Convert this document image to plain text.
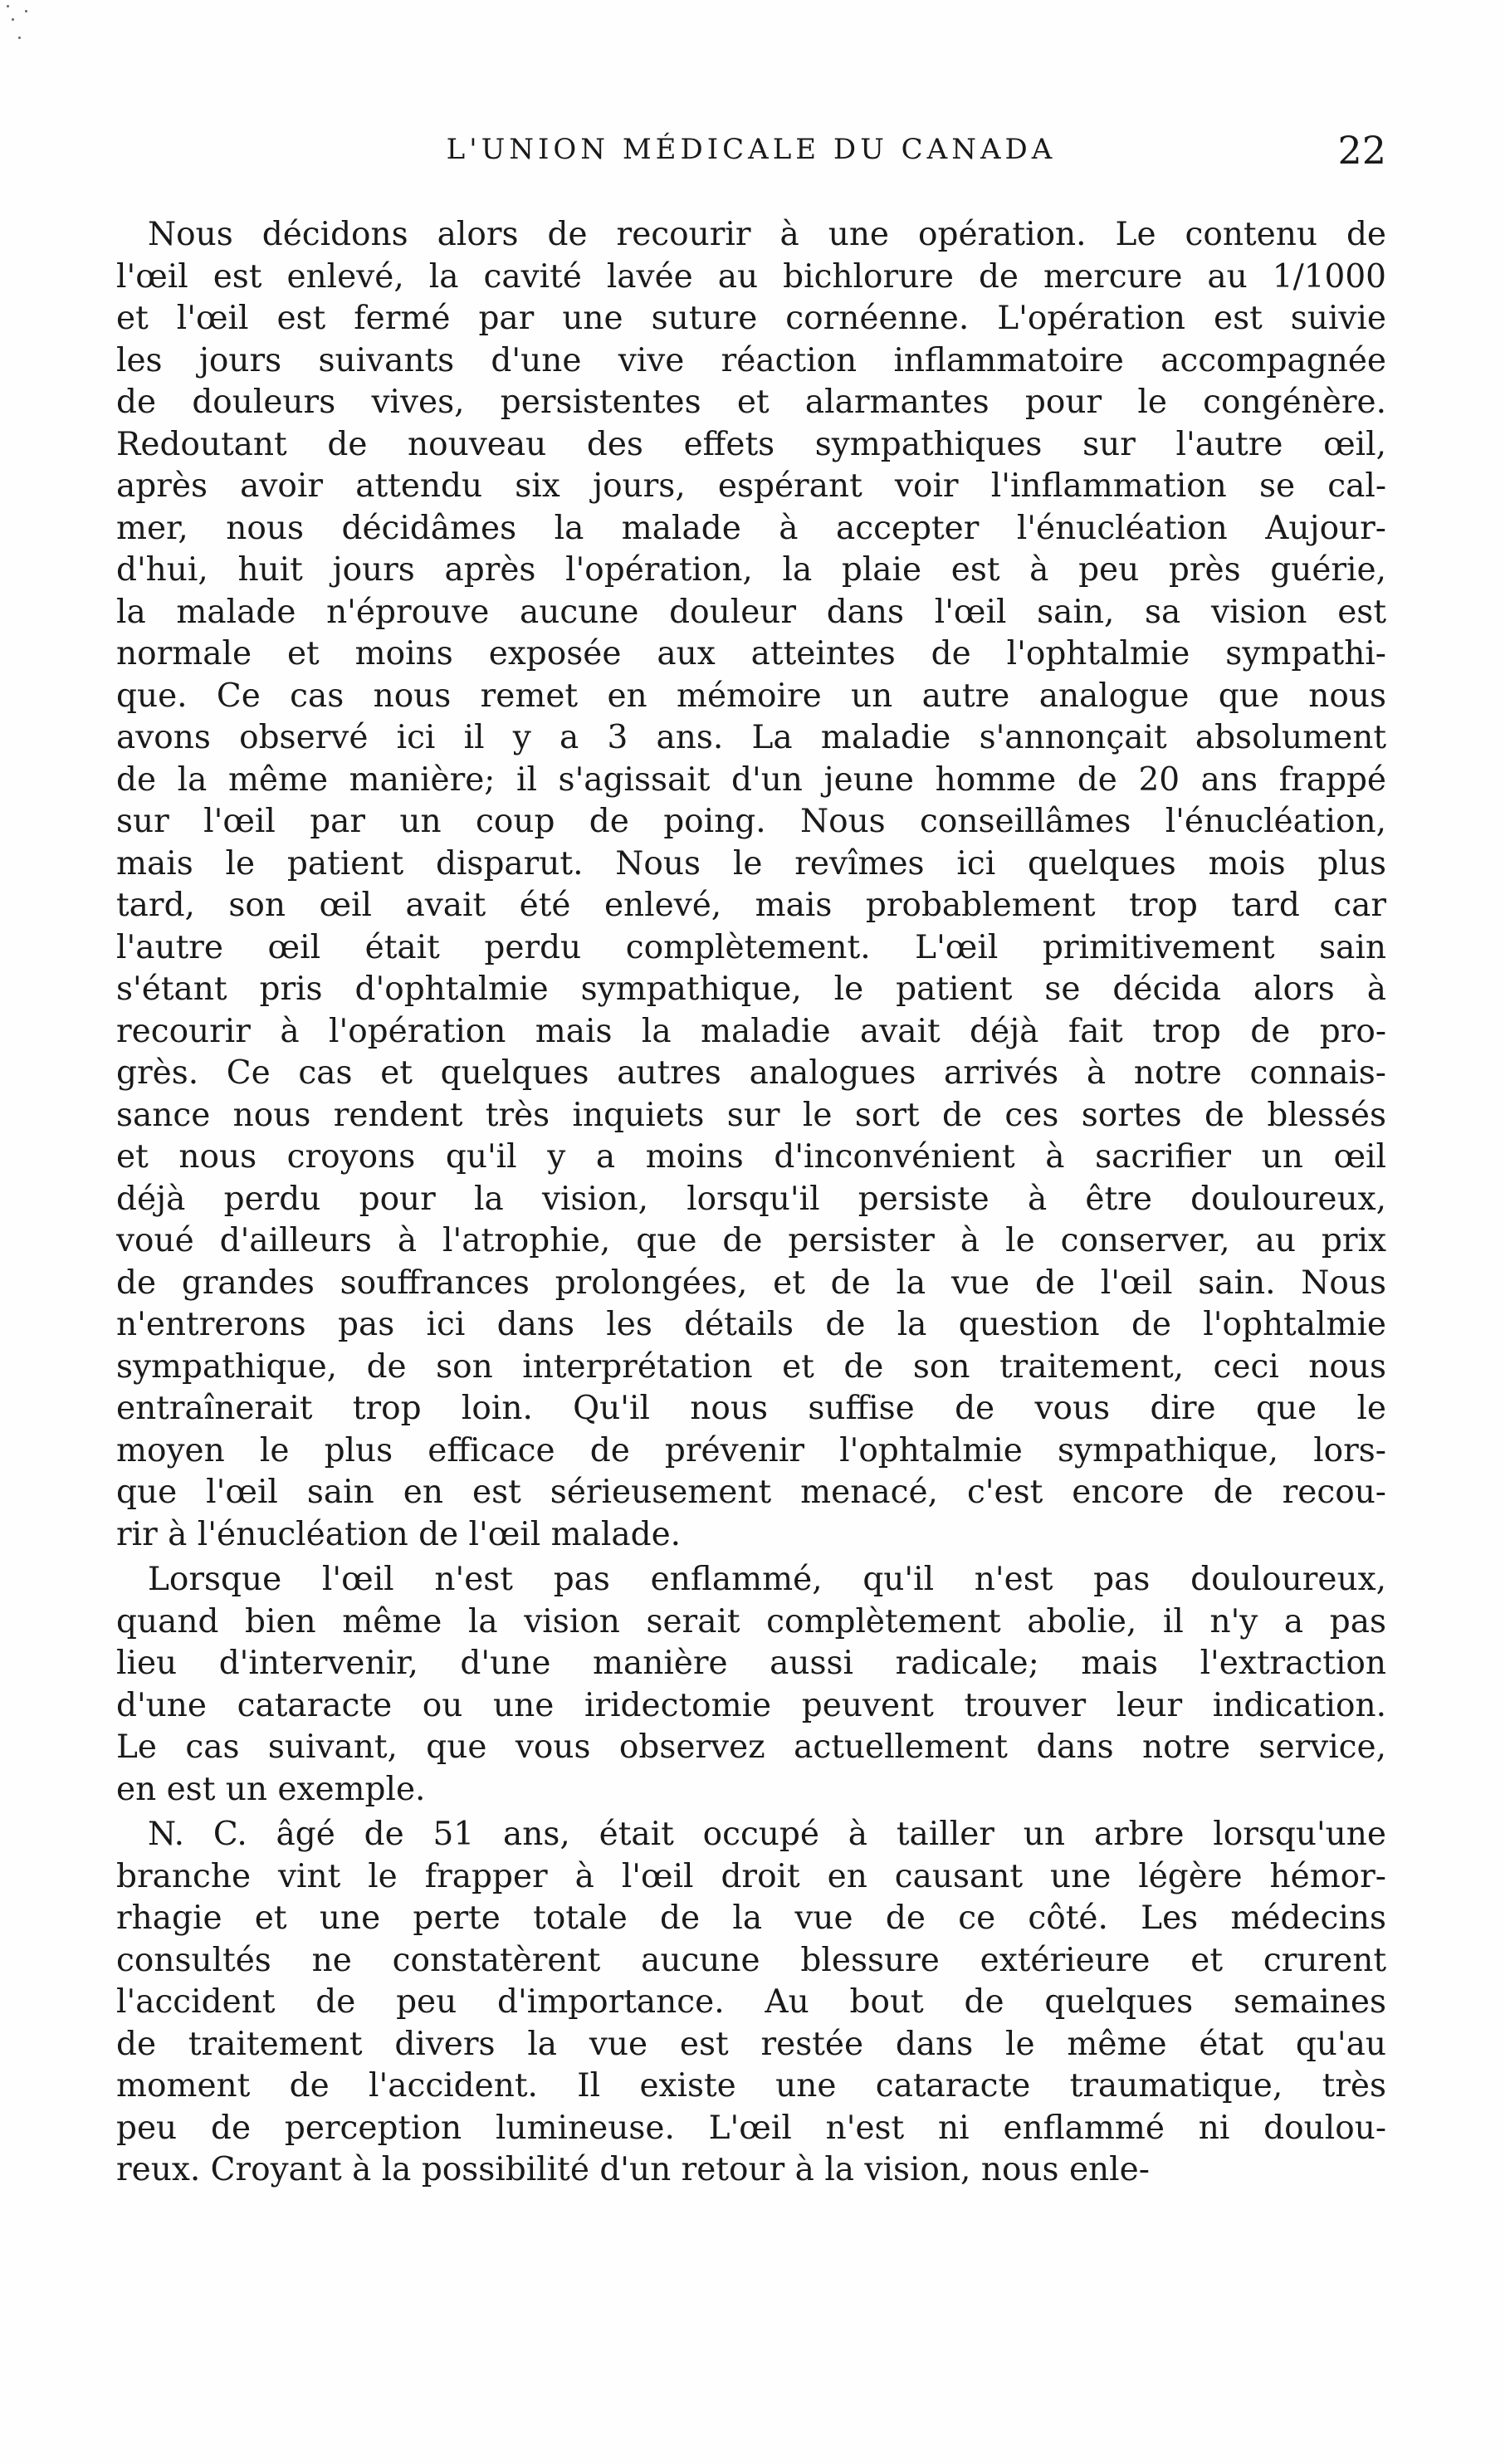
L'UNION MÉDICALE DU CANADA	22
Nous décidons alors de recourir à une opération. Le contenu de
l'œil est enlevé, la cavité lavée au bichlorure de mercure au 1/1000
et l'œil est fermé par une suture cornéenne. L'opération est suivie
les jours suivants d'une vive réaction inflammatoire accompagnée
de douleurs vives, persistentes et alarmantes pour le congénère.
Redoutant de nouveau des effets sympathiques sur l'autre œil,
après avoir attendu six jours, espérant voir l'inflammation se cal-
mer, nous décidâmes la malade à accepter l'énucléation Aujour-
d'hui, huit jours après l'opération, la plaie est à peu près guérie,
la malade n'éprouve aucune douleur dans l'œil sain, sa vision est
normale et moins exposée aux atteintes de l'ophtalmie sympathi-
que. Ce cas nous remet en mémoire un autre analogue que nous
avons observé ici il y a 3 ans. La maladie s'annonçait absolument
de la même manière; il s'agissait d'un jeune homme de 20 ans frappé
sur l'œil par un coup de poing. Nous conseillâmes l'énucléation,
mais le patient disparut. Nous le revîmes ici quelques mois plus
tard, son œil avait été enlevé, mais probablement trop tard car
l'autre œil était perdu complètement. L'œil primitivement sain
s'étant pris d'ophtalmie sympathique, le patient se décida alors à
recourir à l'opération mais la maladie avait déjà fait trop de pro-
grès. Ce cas et quelques autres analogues arrivés à notre connais-
sance nous rendent très inquiets sur le sort de ces sortes de blessés
et nous croyons qu'il y a moins d'inconvénient à sacrifier un œil
déjà perdu pour la vision, lorsqu'il persiste à être douloureux,
voué d'ailleurs à l'atrophie, que de persister à le conserver, au prix
de grandes souffrances prolongées, et de la vue de l'œil sain. Nous
n'entrerons pas ici dans les détails de la question de l'ophtalmie
sympathique, de son interprétation et de son traitement, ceci nous
entraînerait trop loin. Qu'il nous suffise de vous dire que le
moyen le plus efficace de prévenir l'ophtalmie sympathique, lors-
que l'œil sain en est sérieusement menacé, c'est encore de recou-
rir à l'énucléation de l'œil malade.
Lorsque l'œil n'est pas enflammé, qu'il n'est pas douloureux,
quand bien même la vision serait complètement abolie, il n'y a pas
lieu d'intervenir, d'une manière aussi radicale; mais l'extraction
d'une cataracte ou une iridectomie peuvent trouver leur indication.
Le cas suivant, que vous observez actuellement dans notre service,
en est un exemple.
N. C. âgé de 51 ans, était occupé à tailler un arbre lorsqu'une
branche vint le frapper à l'œil droit en causant une légère hémor-
rhagie et une perte totale de la vue de ce côté. Les médecins
consultés ne constatèrent aucune blessure extérieure et crurent
l'accident de peu d'importance. Au bout de quelques semaines
de traitement divers la vue est restée dans le même état qu'au
moment de l'accident. Il existe une cataracte traumatique, très
peu de perception lumineuse. L'œil n'est ni enflammé ni doulou-
reux. Croyant à la possibilité d'un retour à la vision, nous enle-
